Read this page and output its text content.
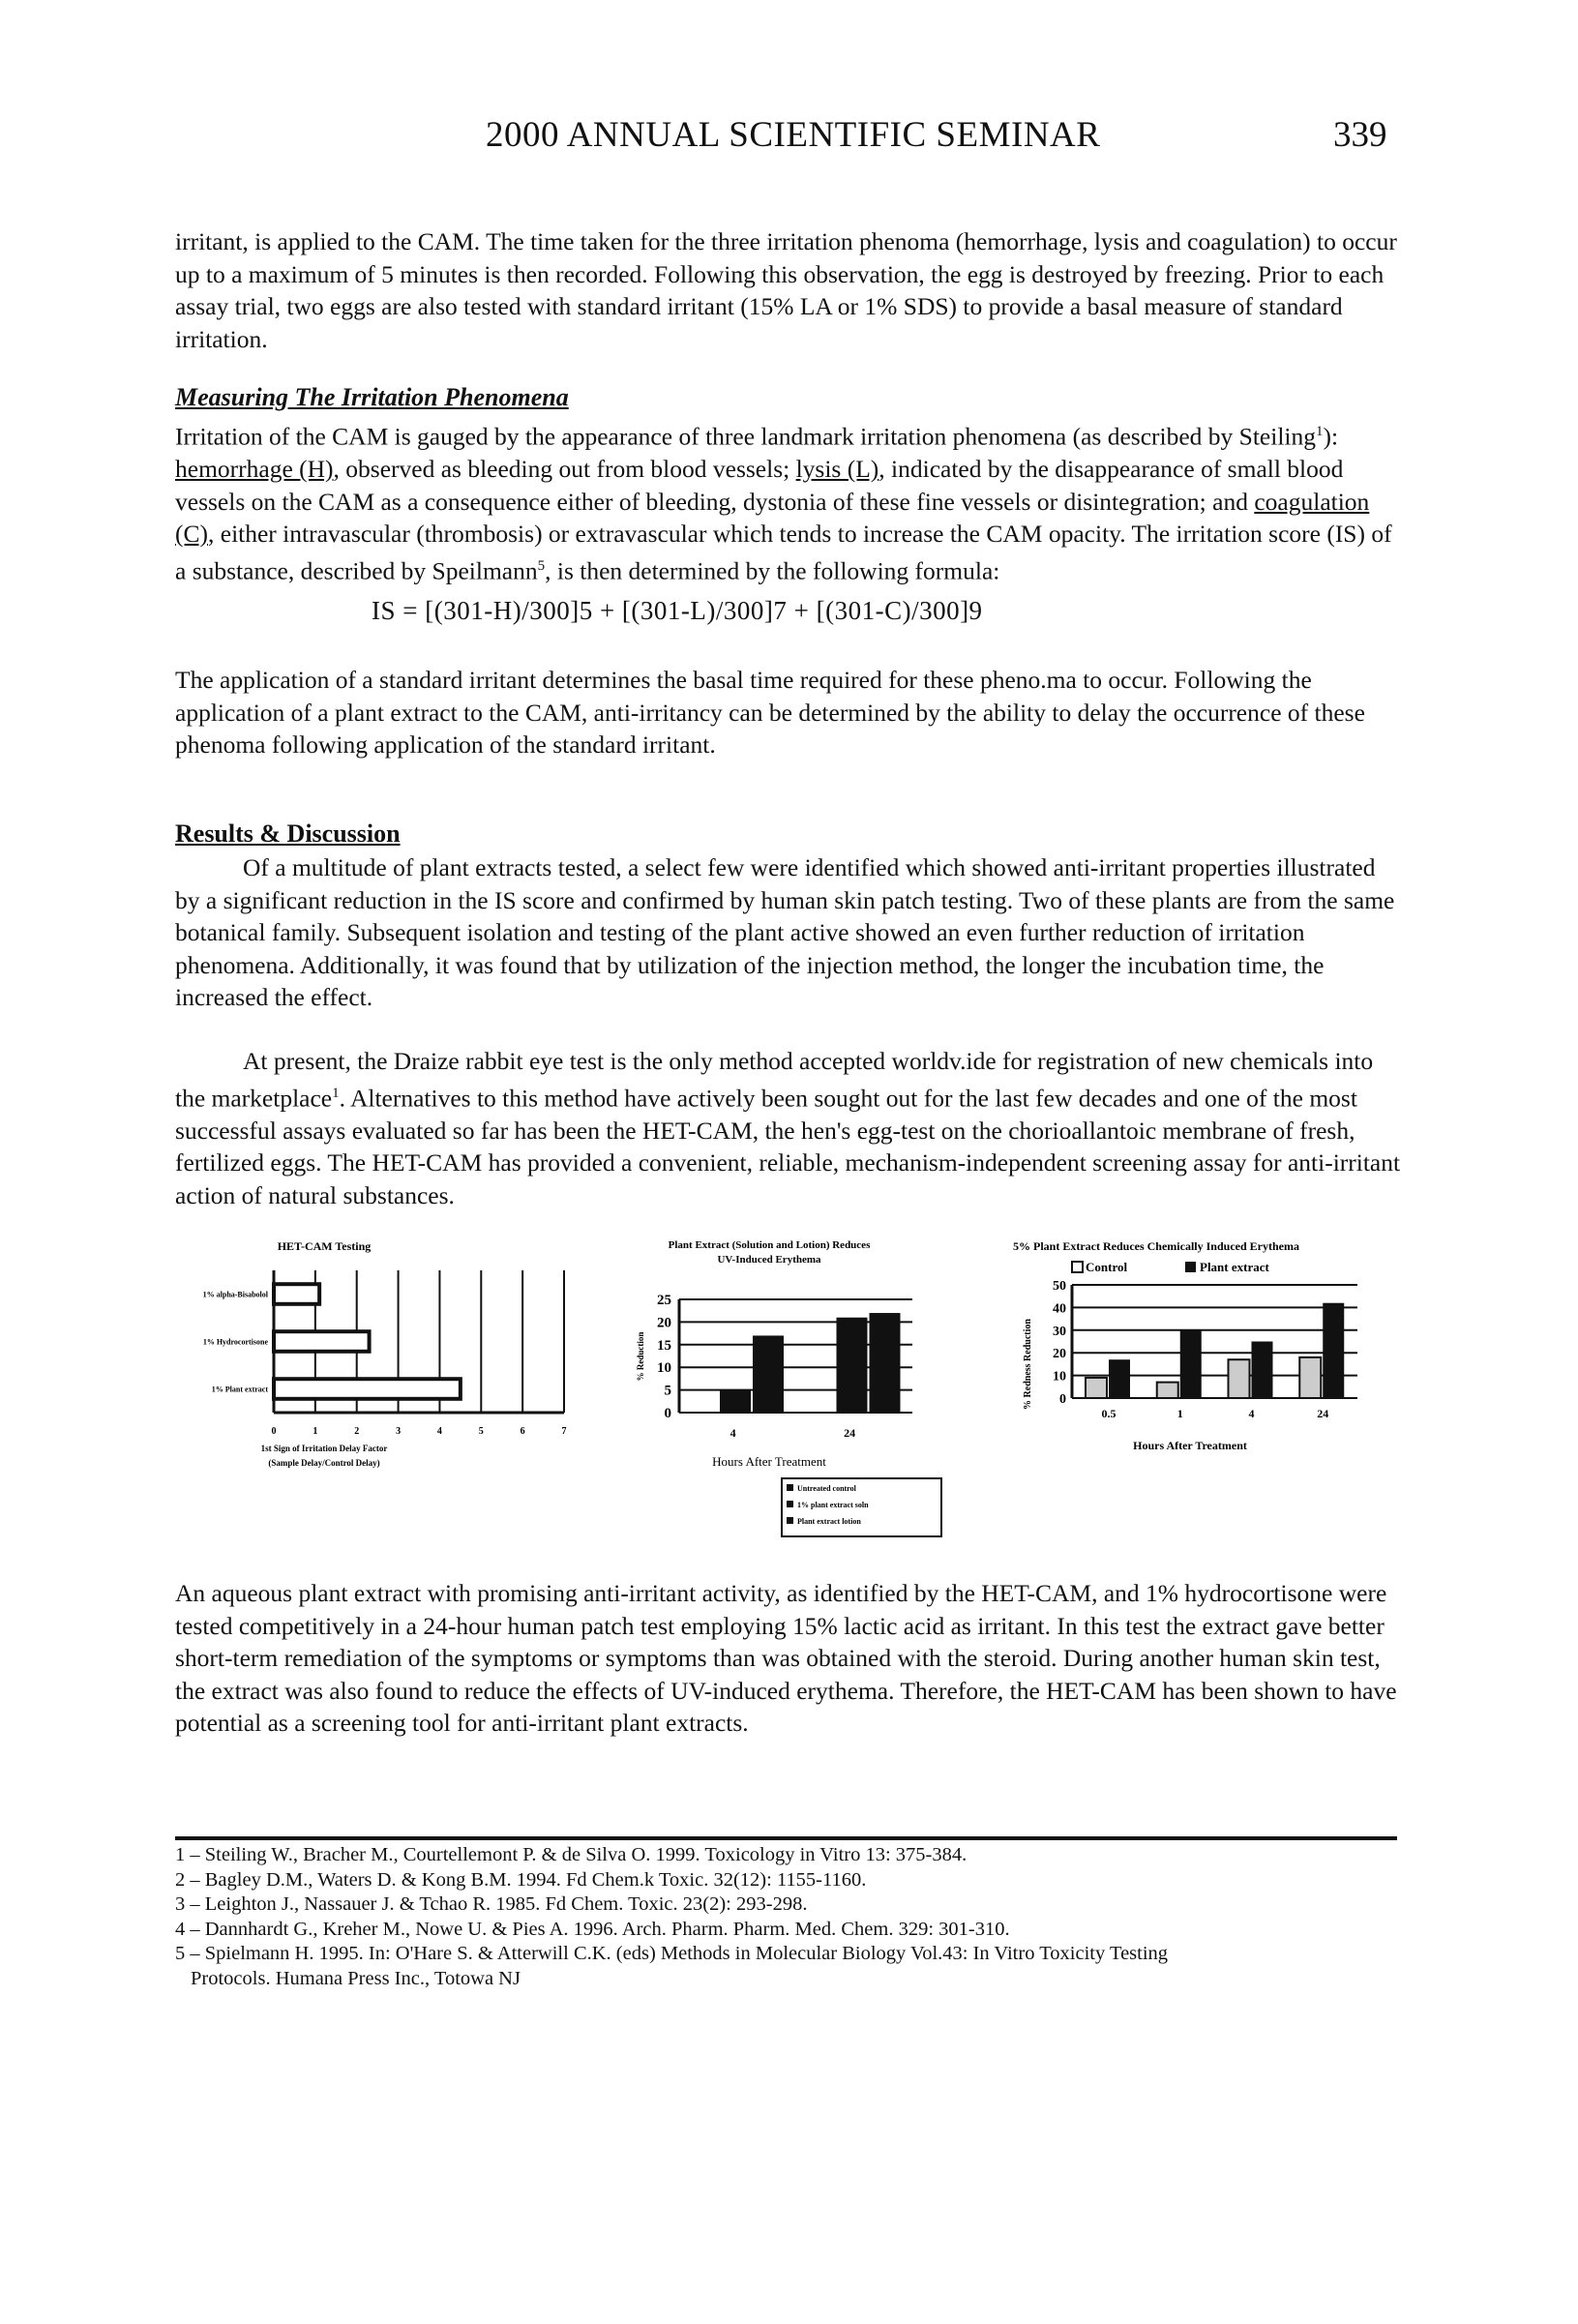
2000 ANNUAL SCIENTIFIC SEMINAR	339

irritant, is applied to the CAM. The time taken for the three irritation phenoma (hemorrhage, lysis and coagulation) to occur up to a maximum of 5 minutes is then recorded. Following this observation, the egg is destroyed by freezing. Prior to each assay trial, two eggs are also tested with standard irritant (15% LA or 1% SDS) to provide a basal measure of standard irritation.

Measuring The Irritation Phenomena

Irritation of the CAM is gauged by the appearance of three landmark irritation phenomena (as described by Steiling$^1$): hemorrhage (H), observed as bleeding out from blood vessels; lysis (L), indicated by the disappearance of small blood vessels on the CAM as a consequence either of bleeding, dystonia of these fine vessels or disintegration; and coagulation (C), either intravascular (thrombosis) or extravascular which tends to increase the CAM opacity. The irritation score (IS) of a substance, described by Speilmann$^5$, is then determined by the following formula:

IS = [(301-H)/300]5 + [(301-L)/300]7 + [(301-C)/300]9

The application of a standard irritant determines the basal time required for these pheno.ma to occur. Following the application of a plant extract to the CAM, anti-irritancy can be determined by the ability to delay the occurrence of these phenoma following application of the standard irritant.

Results & Discussion

Of a multitude of plant extracts tested, a select few were identified which showed anti-irritant properties illustrated by a significant reduction in the IS score and confirmed by human skin patch testing. Two of these plants are from the same botanical family. Subsequent isolation and testing of the plant active showed an even further reduction of irritation phenomena. Additionally, it was found that by utilization of the injection method, the longer the incubation time, the increased the effect.

At present, the Draize rabbit eye test is the only method accepted worldv.ide for registration of new chemicals into the marketplace$^1$. Alternatives to this method have actively been sought out for the last few decades and one of the most successful assays evaluated so far has been the HET-CAM, the hen's egg-test on the chorioallantoic membrane of fresh, fertilized eggs. The HET-CAM has provided a convenient, reliable, mechanism-independent screening assay for anti-irritant action of natural substances.

HET-CAM Testing
1% alpha-Bisabolol
1% Hydrocortisone
1% Plant extract
0	1	2	3	4	5	6	7
1st Sign of Irritation Delay Factor
(Sample Delay/Control Delay)
Plant Extract (Solution and Lotion) Reduces
UV-Induced Erythema
0
5
10
15
20
25
4	24
% Reduction
Hours After Treatment
Untreated control
1% plant extract soln
Plant extract lotion
5% Plant Extract Reduces Chemically Induced Erythema
Control	Plant extract
0
10
20
30
40
50
0.5	1	4	24
% Redness Reduction
Hours After Treatment

An aqueous plant extract with promising anti-irritant activity, as identified by the HET-CAM, and 1% hydrocortisone were tested competitively in a 24-hour human patch test employing 15% lactic acid as irritant. In this test the extract gave better short-term remediation of the symptoms or symptoms than was obtained with the steroid. During another human skin test, the extract was also found to reduce the effects of UV-induced erythema. Therefore, the HET-CAM has been shown to have potential as a screening tool for anti-irritant plant extracts.

1 – Steiling W., Bracher M., Courtellemont P. & de Silva O. 1999. Toxicology in Vitro 13: 375-384.
2 – Bagley D.M., Waters D. & Kong B.M. 1994. Fd Chem.k Toxic. 32(12): 1155-1160.
3 – Leighton J., Nassauer J. & Tchao R. 1985. Fd Chem. Toxic. 23(2): 293-298.
4 – Dannhardt G., Kreher M., Nowe U. & Pies A. 1996. Arch. Pharm. Pharm. Med. Chem. 329: 301-310.
5 – Spielmann H. 1995. In: O'Hare S. & Atterwill C.K. (eds) Methods in Molecular Biology Vol.43: In Vitro Toxicity Testing
Protocols. Humana Press Inc., Totowa NJ
